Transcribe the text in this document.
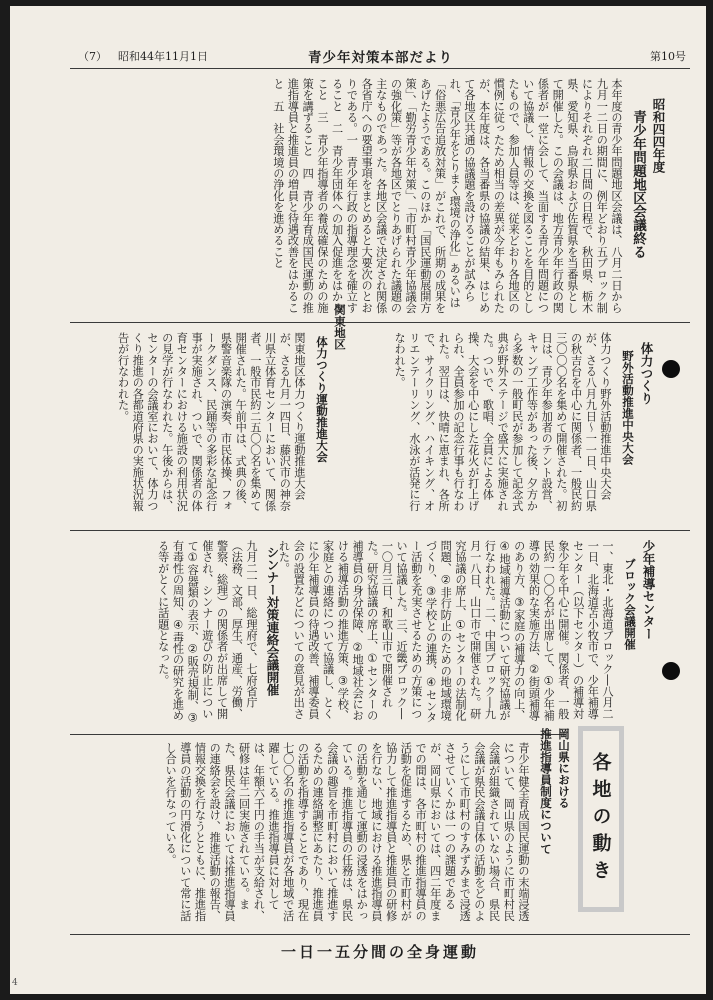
（7） 昭和44年11月1日	青少年対策本部だより	第10号
昭和四四年度
青少年問題地区会議終る
本年度の青少年問題地区会議は、八月二日から九月一二日の期間に、例年どおり五ブロック制によりそれぞれ二日間の日程で、秋田県、栃木県、愛知県、鳥取県および佐賀県を当番県として開催した。この会議は、地方青少年行政の関係者が一堂に会して、当面する青少年問題について協議し、情報の交換を図ることを目的としたもので、参加人員等は、従来どおり各地区の慣例に従ったため相当の差異が今年もみられたが、本年度は、各当番県の協議の結果、はじめて各地区共通の協議題を設けることが試みられ、「青少年をとりまく環境の浄化」あるいは「俗悪広告追放対策」がこれで、所期の成果をあげたようである。このほか「国民運動展開方策」、「勤労青少年対策」、「市町村青少年協議会の強化策」等が各地区でとりあげられた議題の主なものであった。各地区会議で決定され関係各省庁への要望事項をまとめると大要次のとおりである。一　青少年行政の指導理念を確立すること　二　青少年団体への加入促進をはかること　三　青少年指導者の養成確保のための施策を講ずること　四　青少年育成国民運動の推進指導員と推進員の増員と待遇改善をはかること　五　社会環境の浄化を進めること
体力つくり
野外活動推進中央大会
体力つくり野外活動推進中央大会が、さる八月九日～一一日、山口県の秋吉台を中心に関係者、一般民約三〇〇〇名を集めて開催された。初日は、青少年参加者のテント設営、キャンプ工作等があった後、夕方から多数の一般町民が参加して記念式典が野外ステージで盛大に実施された。ついで、歌唱、全員による体操、大会を中心にした花火が打上げられ、全員参加の記念行事も行なわれた。翌日は、快晴に恵まれ、各所で、サイクリング、ハイキング、オリエンテーリング、水泳が活発に行なわれた。
関東地区
体力つくり運動推進大会
関東地区体力つくり運動推進大会が、さる九月一四日、藤沢市の神奈川県立体育センターにおいて、関係者、一般市民約二五〇〇名を集めて開催された。午前中は、式典の後、県警音楽隊の演奏、市民体操、フォークダンス、民踊等の多彩な記念行事が実施され、ついで、関係者の体育センターにおける施設の利用状況の見学が行なわれた。午後からは、センターの会議室において、体力つくり推進の各都道府県の実施状況報告が行なわれた。
少年補導センター
ブロック会議開催
一、東北・北海道ブロック―八月二一日、北海道苫小牧市で、少年補導センター（以下センター）の補導対象少年を中心に開催。関係者、一般民約一〇〇名が出席して、①少年補導の効果的な実施方法、②街頭補導のあり方、③家庭の補導力の向上、④地域補導活動について研究協議が行なわれた。二、中国ブロック―九月一八日、山口市で開催された。研究協議の席上、①センターの法制化問題、②非行防止のための地域環境づくり、③学校との連携、④センター活動を充実させるための方策について協議した。三、近畿ブロック―一〇月三日、和歌山市で開催された。研究協議の席上、①センターの補導員の身分保障、②地域社会における補導活動の推進方策、③学校、家庭との連絡について協議し、とくに少年補導員の待遇改善、補導委員会の設置などについての意見が出された。
シンナー対策連絡会議開催
九月二一日、総理府で、七府省庁（法務、文部、厚生、通産、労働、警察、総理）の関係者が出席して開催され、シンナー遊びの防止について①容器類の表示、②販売規制、③有毒性の周知、④毒性の研究を進める等がとくに話題となった。
各地の動き
岡山県における
推進指導員制度について
青少年健全育成国民運動の末端浸透について、岡山県のように市町村民会議が組織されていない場合、県民会議が県民会議自体の活動をどのようにして市町村のすみずみまで浸透させていくかは一つの課題であるが、岡山県においては、四二年度までの間は、各市町村の推進指導員の活動を促進するため、県と市町村が協力して推進指導員と推進員の研修を行ない、地域における推進指導員の活動を通じて運動の浸透をはかっている。推進指導員の任務は、県民会議の趣旨を市町村において推進するための連絡調整にあたり、推進員の活動を指導することであり、現在七〇〇名の推進指導員が各地域で活躍している。推進指導員に対しては、年額六千円の手当が支給され、研修は年二回実施されている。また、県民会議においては推進指導員の連絡会を設け、推進活動の報告、情報交換を行なうとともに、推進指導員の活動の円滑化について常に話し合いを行なっている。
一日一五分間の全身運動
4
